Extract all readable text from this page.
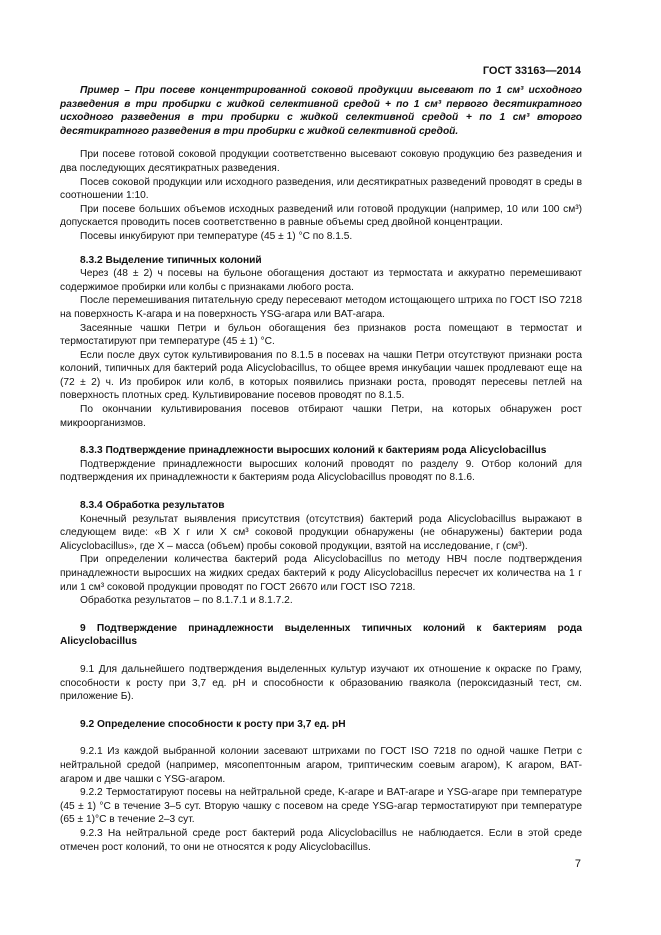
ГОСТ 33163—2014

Пример – При посеве концентрированной соковой продукции высевают по 1 см³ исходного разведения в три пробирки с жидкой селективной средой + по 1 см³ первого десятикратного исходного разведения в три пробирки с жидкой селективной средой + по 1 см³ второго десятикратного разведения в три пробирки с жидкой селективной средой.

При посеве готовой соковой продукции соответственно высевают соковую продукцию без разведения и два последующих десятикратных разведения.

Посев соковой продукции или исходного разведения, или десятикратных разведений проводят в среды в соотношении 1:10.

При посеве больших объемов исходных разведений или готовой продукции (например, 10 или 100 см³) допускается проводить посев соответственно в равные объемы сред двойной концентрации.

Посевы инкубируют при температуре (45 ± 1) °С по 8.1.5.

8.3.2 Выделение типичных колоний

Через (48 ± 2) ч посевы на бульоне обогащения достают из термостата и аккуратно перемешивают содержимое пробирки или колбы с признаками любого роста.

После перемешивания питательную среду пересевают методом истощающего штриха по ГОСТ ISO 7218 на поверхность K-агара и на поверхность YSG-агара или BAT-агара.

Засеянные чашки Петри и бульон обогащения без признаков роста помещают в термостат и термостатируют при температуре (45 ± 1) °С.

Если после двух суток культивирования по 8.1.5 в посевах на чашки Петри отсутствуют признаки роста колоний, типичных для бактерий рода Alicyclobacillus, то общее время инкубации чашек продлевают еще на (72 ± 2) ч. Из пробирок или колб, в которых появились признаки роста, проводят пересевы петлей на поверхность плотных сред. Культивирование посевов проводят по 8.1.5.

По окончании культивирования посевов отбирают чашки Петри, на которых обнаружен рост микроорганизмов.

8.3.3 Подтверждение принадлежности выросших колоний к бактериям рода Alicyclobacillus

Подтверждение принадлежности выросших колоний проводят по разделу 9. Отбор колоний для подтверждения их принадлежности к бактериям рода Alicyclobacillus проводят по 8.1.6.

8.3.4 Обработка результатов

Конечный результат выявления присутствия (отсутствия) бактерий рода Alicyclobacillus выражают в следующем виде: «В X г или X см³ соковой продукции обнаружены (не обнаружены) бактерии рода Alicyclobacillus», где X – масса (объем) пробы соковой продукции, взятой на исследование, г (см³).

При определении количества бактерий рода Alicyclobacillus по методу НВЧ после подтверждения принадлежности выросших на жидких средах бактерий к роду Alicyclobacillus пересчет их количества на 1 г или 1 см³ соковой продукции проводят по ГОСТ 26670 или ГОСТ ISO 7218.

Обработка результатов – по 8.1.7.1 и 8.1.7.2.

9 Подтверждение принадлежности выделенных типичных колоний к бактериям рода Alicyclobacillus

9.1 Для дальнейшего подтверждения выделенных культур изучают их отношение к окраске по Граму, способности к росту при 3,7 ед. рН и способности к образованию гваякола (пероксидазный тест, см. приложение Б).

9.2 Определение способности к росту при 3,7 ед. рН

9.2.1 Из каждой выбранной колонии засевают штрихами по ГОСТ ISO 7218 по одной чашке Петри с нейтральной средой (например, мясопептонным агаром, триптическим соевым агаром), K агаром, BAT-агаром и две чашки с YSG-агаром.

9.2.2 Термостатируют посевы на нейтральной среде, K-агаре и BAT-агаре и YSG-агаре при температуре (45 ± 1) °С в течение 3–5 сут. Вторую чашку с посевом на среде YSG-агар термостатируют при температуре (65 ± 1)°С в течение 2–3 сут.

9.2.3 На нейтральной среде рост бактерий рода Alicyclobacillus не наблюдается. Если в этой среде отмечен рост колоний, то они не относятся к роду Alicyclobacillus.

7
